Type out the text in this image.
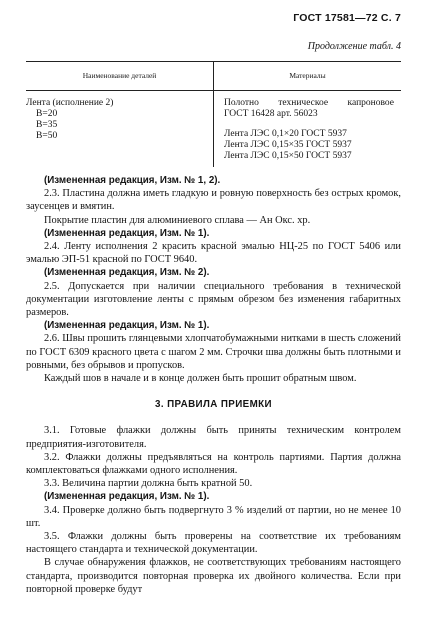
ГОСТ 17581—72 С. 7
Продолжение табл. 4
Наименование деталей	Материалы
Лента (исполнение 2)
B=20
B=35
B=50
Полотно техническое капроновое
ГОСТ 16428 арт. 56023
Лента ЛЭС 0,1×20 ГОСТ 5937
Лента ЛЭС 0,15×35 ГОСТ 5937
Лента ЛЭС 0,15×50 ГОСТ 5937

(Измененная редакция, Изм. № 1, 2).

2.3. Пластина должна иметь гладкую и ровную поверхность без острых кромок, заусенцев и вмятин.

Покрытие пластин для алюминиевого сплава — Ан Окс. хр.

(Измененная редакция, Изм. № 1).

2.4. Ленту исполнения 2 красить красной эмалью НЦ-25 по ГОСТ 5406 или эмалью ЭП-51 красной по ГОСТ 9640.

(Измененная редакция, Изм. № 2).

2.5. Допускается при наличии специального требования в технической документации изготовление ленты с прямым обрезом без изменения габаритных размеров.

(Измененная редакция, Изм. № 1).

2.6. Швы прошить глянцевыми хлопчатобумажными нитками в шесть сложений по ГОСТ 6309 красного цвета с шагом 2 мм. Строчки шва должны быть плотными и ровными, без обрывов и пропусков.

Каждый шов в начале и в конце должен быть прошит обратным швом.

3. ПРАВИЛА ПРИЕМКИ

3.1. Готовые флажки должны быть приняты техническим контролем предприятия-изготовителя.

3.2. Флажки должны предъявляться на контроль партиями. Партия должна комплектоваться флажками одного исполнения.

3.3. Величина партии должна быть кратной 50.

(Измененная редакция, Изм. № 1).

3.4. Проверке должно быть подвергнуто 3 % изделий от партии, но не менее 10 шт.

3.5. Флажки должны быть проверены на соответствие их требованиям настоящего стандарта и технической документации.

В случае обнаружения флажков, не соответствующих требованиям настоящего стандарта, производится повторная проверка их двойного количества. Если при повторной проверке будут
